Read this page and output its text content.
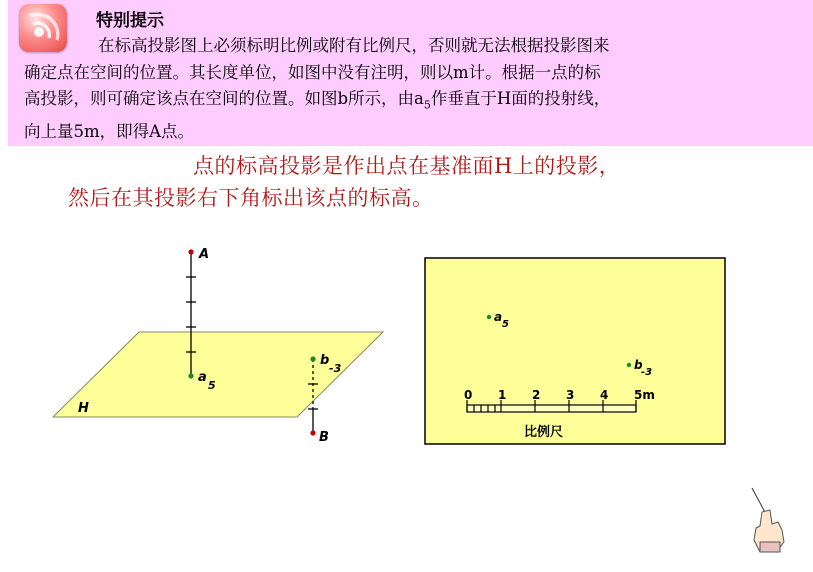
特别提示
在标高投影图上必须标明比例或附有比例尺，否则就无法根据投影图来
确定点在空间的位置。其长度单位，如图中没有注明，则以m计。根据一点的标
高投影，则可确定该点在空间的位置。如图b所示，由$a_5$作垂直于H面的投射线，
向上量5m，即得A点。
点的标高投影是作出点在基准面H上的投影，
然后在其投影右下角标出该点的标高。
H
A
a
5
b
-3
B
a
5
b
-3
0 1 2 3 4 5m
比例尺
